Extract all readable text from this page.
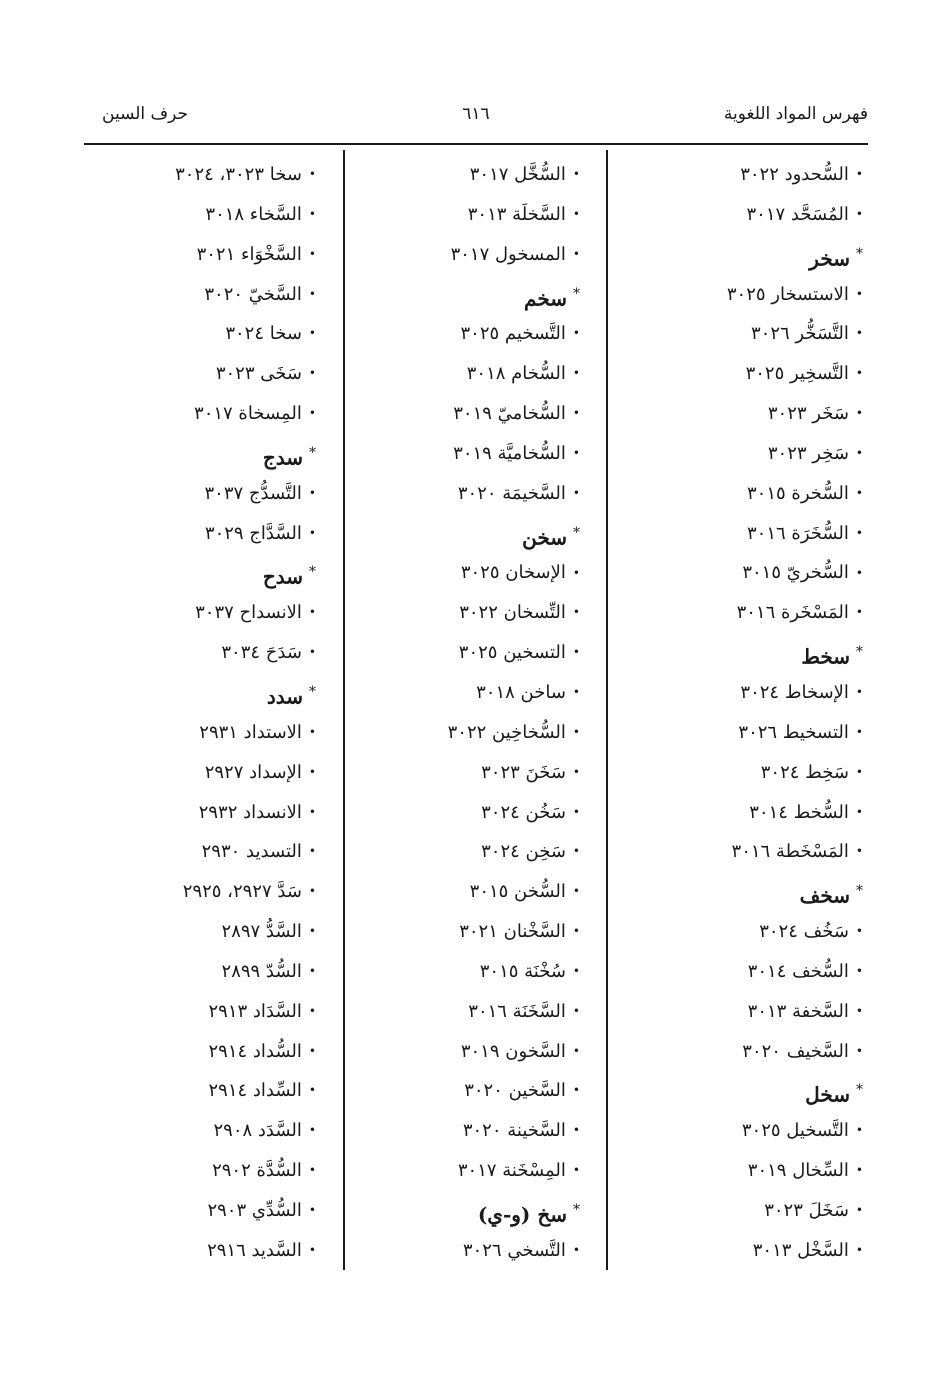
فهرس المواد اللغوية
٦١٦
حرف السين
•السُّحدود ٣٠٢٢
•المُسَحَّد ٣٠١٧
*سخر
•الاستسخار ٣٠٢٥
•التَّسَخُّر ٣٠٢٦
•التَّسخِير ٣٠٢٥
•سَخَر ٣٠٢٣
•سَخِر ٣٠٢٣
•السُّخرة ٣٠١٥
•السُّخَرَة ٣٠١٦
•السُّخريّ ٣٠١٥
•المَسْخَرة ٣٠١٦
*سخط
•الإسخاط ٣٠٢٤
•التسخيط ٣٠٢٦
•سَخِط ٣٠٢٤
•السُّخط ٣٠١٤
•المَسْخَطة ٣٠١٦
*سخف
•سَخُف ٣٠٢٤
•السُّخف ٣٠١٤
•السَّخفة ٣٠١٣
•السَّخيف ٣٠٢٠
*سخل
•التَّسخيل ٣٠٢٥
•السِّخال ٣٠١٩
•سَخَلَ ٣٠٢٣
•السَّخْل ٣٠١٣
•السُّخَّل ٣٠١٧
•السَّخلَة ٣٠١٣
•المسخول ٣٠١٧
*سخم
•التَّسخيم ٣٠٢٥
•السُّخام ٣٠١٨
•السُّخاميّ ٣٠١٩
•السُّخاميَّة ٣٠١٩
•السَّخيمَة ٣٠٢٠
*سخن
•الإسخان ٣٠٢٥
•التِّسخان ٣٠٢٢
•التسخين ٣٠٢٥
•ساخن ٣٠١٨
•السُّخاخِين ٣٠٢٢
•سَخَنَ ٣٠٢٣
•سَخُن ٣٠٢٤
•سَخِن ٣٠٢٤
•السُّخن ٣٠١٥
•السَّخْنان ٣٠٢١
•سُخْنَة ٣٠١٥
•السَّخَنَة ٣٠١٦
•السَّخون ٣٠١٩
•السَّخين ٣٠٢٠
•السَّخينة ٣٠٢٠
•المِسْخَنة ٣٠١٧
*سخ (و-ي)
•التَّسخي ٣٠٢٦
•سخا ٣٠٢٣، ٣٠٢٤
•السَّخاء ٣٠١٨
•السَّخْوَاء ٣٠٢١
•السَّخيّ ٣٠٢٠
•سخا ٣٠٢٤
•سَخَى ٣٠٢٣
•المِسخاة ٣٠١٧
*سدج
•التَّسدُّج ٣٠٣٧
•السَّدَّاج ٣٠٢٩
*سدح
•الانسداح ٣٠٣٧
•سَدَحَ ٣٠٣٤
*سدد
•الاستداد ٢٩٣١
•الإسداد ٢٩٢٧
•الانسداد ٢٩٣٢
•التسديد ٢٩٣٠
•سَدَّ ٢٩٢٧، ٢٩٢٥
•السَّدُّ ٢٨٩٧
•السُّدّ ٢٨٩٩
•السَّدَاد ٢٩١٣
•السُّداد ٢٩١٤
•السِّداد ٢٩١٤
•السَّدَد ٢٩٠٨
•السُّدَّة ٢٩٠٢
•السُّدِّي ٢٩٠٣
•السَّديد ٢٩١٦
